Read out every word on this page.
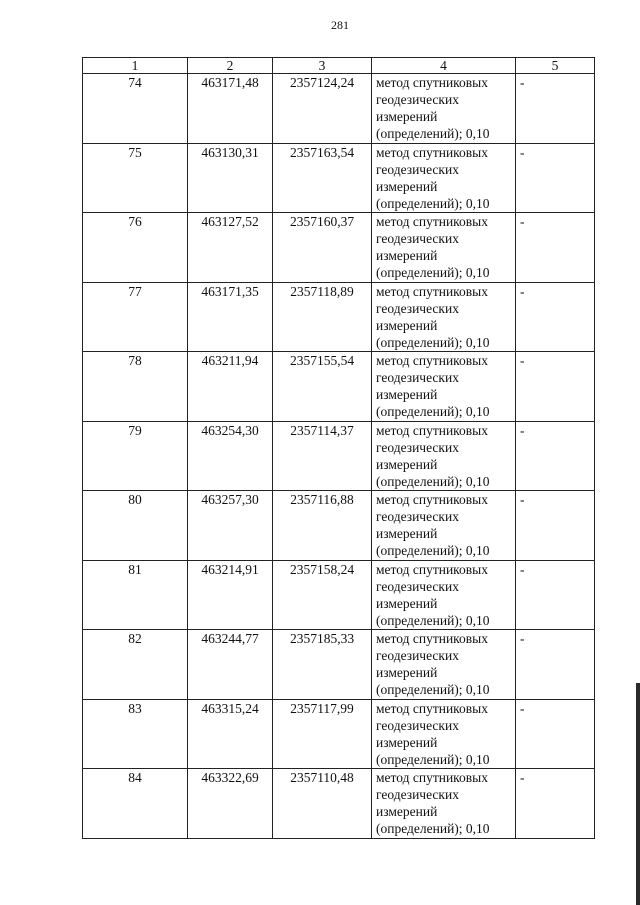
281
1	2	3	4	5
74	463171,48	2357124,24	метод спутниковых
геодезических
измерений
(определений); 0,10	-
75	463130,31	2357163,54	метод спутниковых
геодезических
измерений
(определений); 0,10	-
76	463127,52	2357160,37	метод спутниковых
геодезических
измерений
(определений); 0,10	-
77	463171,35	2357118,89	метод спутниковых
геодезических
измерений
(определений); 0,10	-
78	463211,94	2357155,54	метод спутниковых
геодезических
измерений
(определений); 0,10	-
79	463254,30	2357114,37	метод спутниковых
геодезических
измерений
(определений); 0,10	-
80	463257,30	2357116,88	метод спутниковых
геодезических
измерений
(определений); 0,10	-
81	463214,91	2357158,24	метод спутниковых
геодезических
измерений
(определений); 0,10	-
82	463244,77	2357185,33	метод спутниковых
геодезических
измерений
(определений); 0,10	-
83	463315,24	2357117,99	метод спутниковых
геодезических
измерений
(определений); 0,10	-
84	463322,69	2357110,48	метод спутниковых
геодезических
измерений
(определений); 0,10	-
